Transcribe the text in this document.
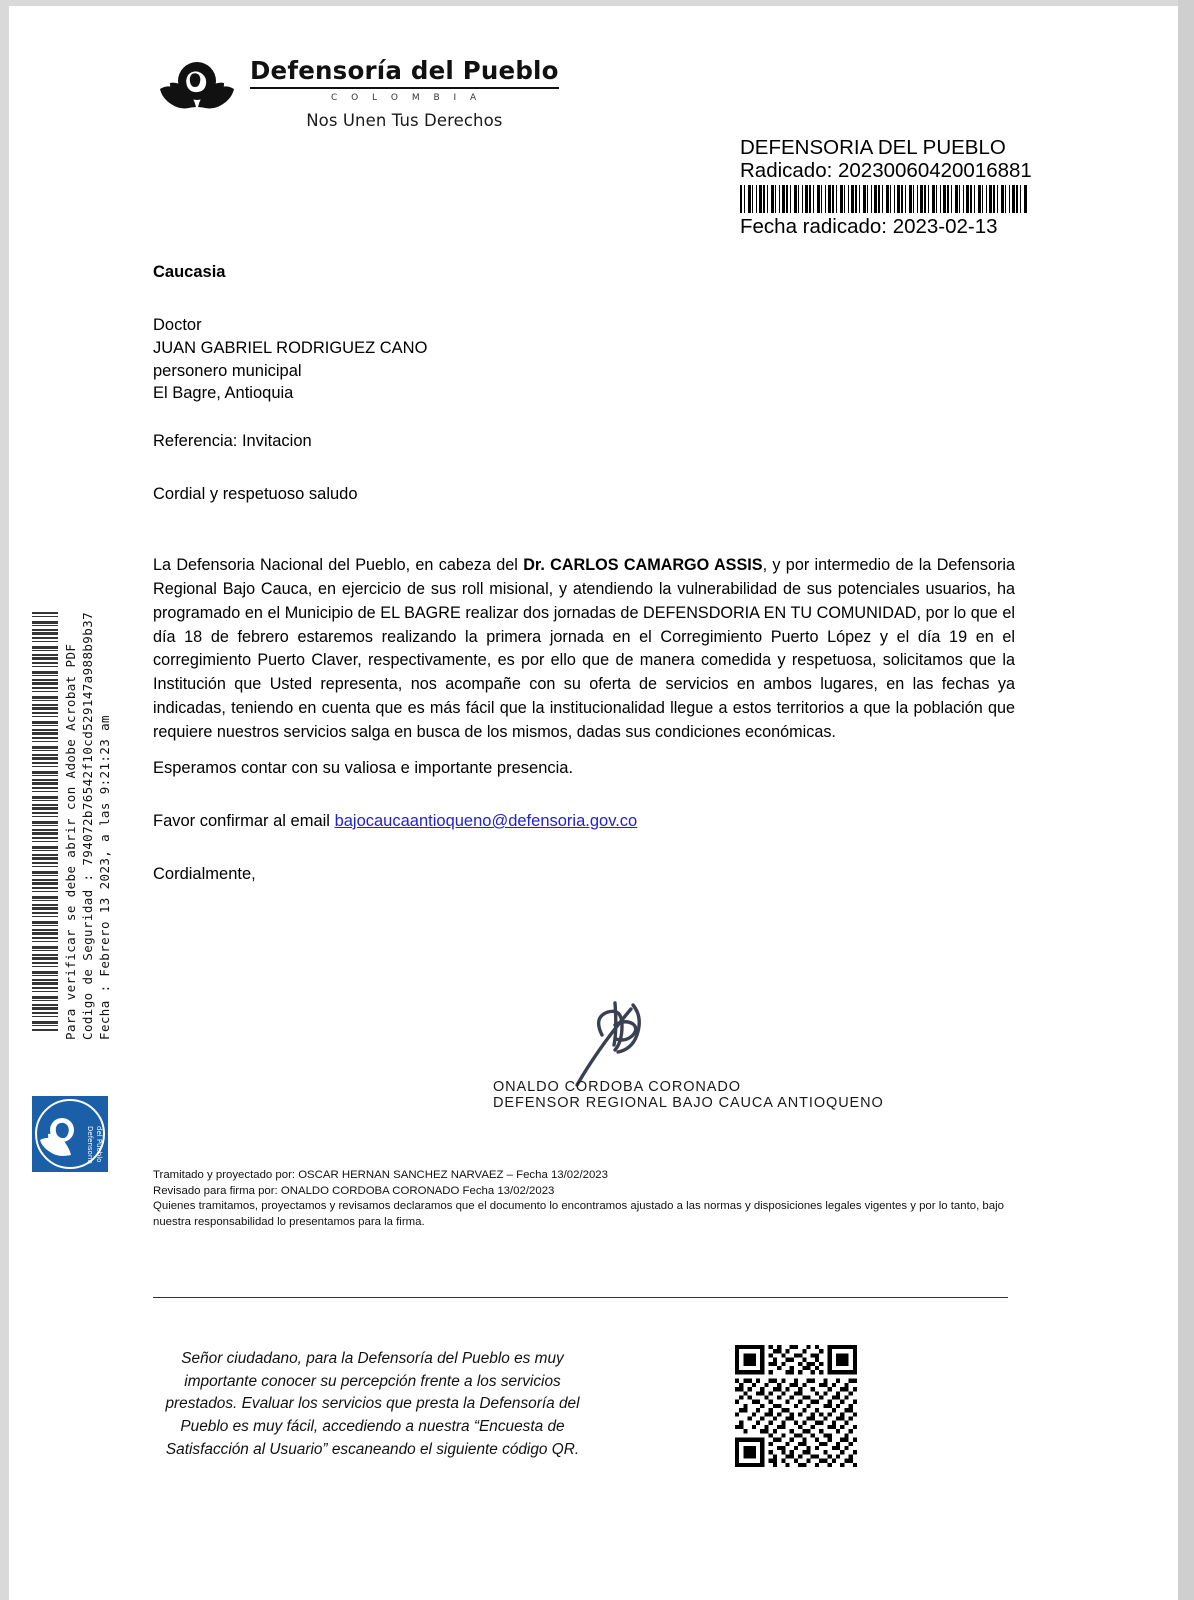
Defensoría del Pueblo
C O L O M B I A
Nos Unen Tus Derechos
DEFENSORIA DEL PUEBLO
Radicado: 20230060420016881
Fecha radicado: 2023-02-13
Para verificar se debe abrir con Adobe Acrobat PDF Codigo de Seguridad : 794072b76542f10cd529147a988b9b37 Fecha : Febrero 13 2023, a las 9:21:23 am
Defensoria del Pueblo
Caucasia
Doctor
JUAN GABRIEL RODRIGUEZ CANO
personero municipal
El Bagre, Antioquia
Referencia: Invitacion
Cordial y respetuoso saludo

La Defensoria Nacional del Pueblo, en cabeza del Dr. CARLOS CAMARGO ASSIS, y por intermedio de la Defensoria Regional Bajo Cauca, en ejercicio de sus roll misional, y atendiendo la vulnerabilidad de sus potenciales usuarios, ha programado en el Municipio de EL BAGRE realizar dos jornadas de DEFENSDORIA EN TU COMUNIDAD, por lo que el día 18 de febrero estaremos realizando la primera jornada en el Corregimiento Puerto López y el día 19 en el corregimiento Puerto Claver, respectivamente, es por ello que de manera comedida y respetuosa, solicitamos que la Institución que Usted representa, nos acompañe con su oferta de servicios en ambos lugares, en las fechas ya indicadas, teniendo en cuenta que es más fácil que la institucionalidad llegue a estos territorios a que la población que requiere nuestros servicios salga en busca de los mismos, dadas sus condiciones económicas.

Esperamos contar con su valiosa e importante presencia.
Favor confirmar al email bajocaucaantioqueno@defensoria.gov.co
Cordialmente,
ONALDO CORDOBA CORONADO
DEFENSOR REGIONAL BAJO CAUCA ANTIOQUENO
Tramitado y proyectado por: OSCAR HERNAN SANCHEZ NARVAEZ – Fecha 13/02/2023
Revisado para firma por: ONALDO CORDOBA CORONADO Fecha 13/02/2023
Quienes tramitamos, proyectamos y revisamos declaramos que el documento lo encontramos ajustado a las normas y disposiciones legales vigentes y por lo tanto, bajo nuestra responsabilidad lo presentamos para la firma.
Señor ciudadano, para la Defensoría del Pueblo es muy importante conocer su percepción frente a los servicios prestados. Evaluar los servicios que presta la Defensoría del Pueblo es muy fácil, accediendo a nuestra “Encuesta de Satisfacción al Usuario” escaneando el siguiente código QR.
